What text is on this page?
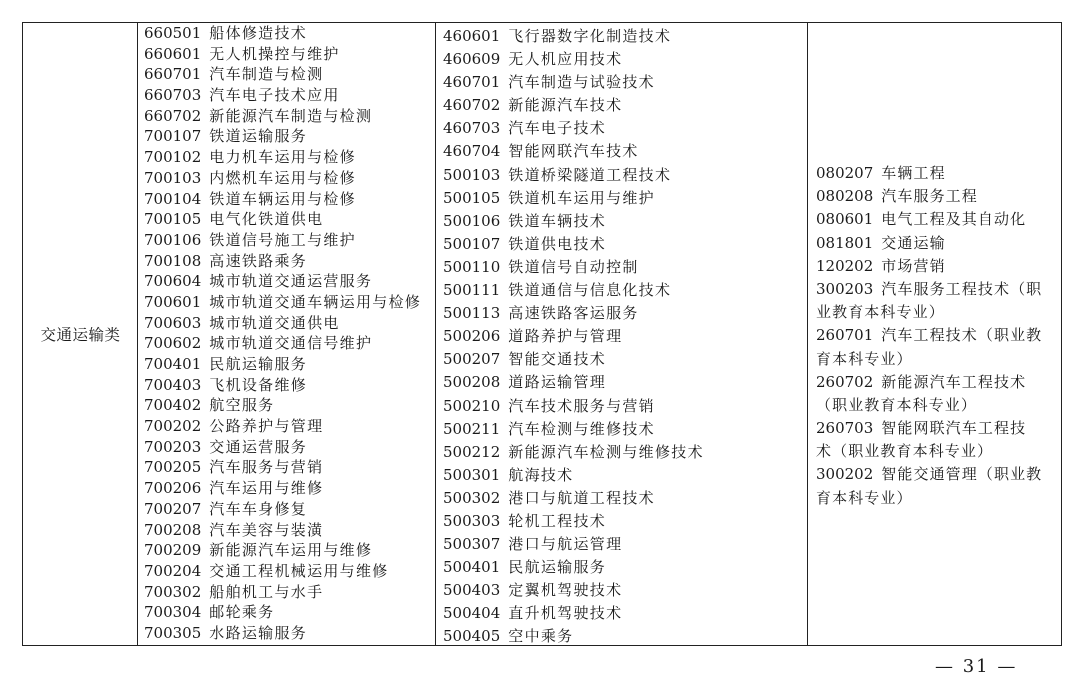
交通运输类
660501 船体修造技术
660601 无人机操控与维护
660701 汽车制造与检测
660703 汽车电子技术应用
660702 新能源汽车制造与检测
700107 铁道运输服务
700102 电力机车运用与检修
700103 内燃机车运用与检修
700104 铁道车辆运用与检修
700105 电气化铁道供电
700106 铁道信号施工与维护
700108 高速铁路乘务
700604 城市轨道交通运营服务
700601 城市轨道交通车辆运用与检修
700603 城市轨道交通供电
700602 城市轨道交通信号维护
700401 民航运输服务
700403 飞机设备维修
700402 航空服务
700202 公路养护与管理
700203 交通运营服务
700205 汽车服务与营销
700206 汽车运用与维修
700207 汽车车身修复
700208 汽车美容与装潢
700209 新能源汽车运用与维修
700204 交通工程机械运用与维修
700302 船舶机工与水手
700304 邮轮乘务
700305 水路运输服务
460601 飞行器数字化制造技术
460609 无人机应用技术
460701 汽车制造与试验技术
460702 新能源汽车技术
460703 汽车电子技术
460704 智能网联汽车技术
500103 铁道桥梁隧道工程技术
500105 铁道机车运用与维护
500106 铁道车辆技术
500107 铁道供电技术
500110 铁道信号自动控制
500111 铁道通信与信息化技术
500113 高速铁路客运服务
500206 道路养护与管理
500207 智能交通技术
500208 道路运输管理
500210 汽车技术服务与营销
500211 汽车检测与维修技术
500212 新能源汽车检测与维修技术
500301 航海技术
500302 港口与航道工程技术
500303 轮机工程技术
500307 港口与航运管理
500401 民航运输服务
500403 定翼机驾驶技术
500404 直升机驾驶技术
500405 空中乘务
080207 车辆工程
080208 汽车服务工程
080601 电气工程及其自动化
081801 交通运输
120202 市场营销
300203 汽车服务工程技术（职
业教育本科专业）
260701 汽车工程技术（职业教
育本科专业）
260702 新能源汽车工程技术
（职业教育本科专业）
260703 智能网联汽车工程技
术（职业教育本科专业）
300202 智能交通管理（职业教
育本科专业）
— 31 —
